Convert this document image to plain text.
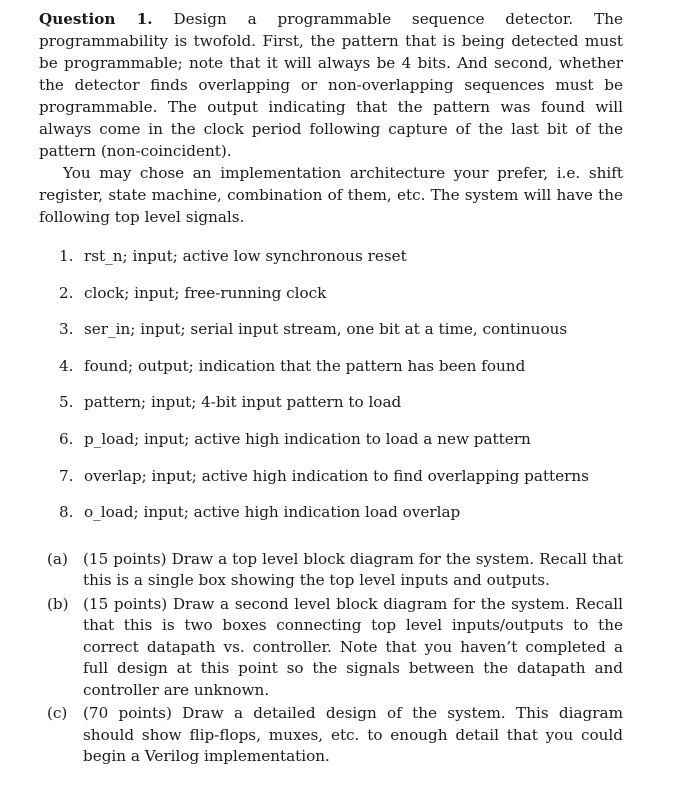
Question 1. Design a programmable sequence detector. The programmability is twofold. First, the pattern that is being detected must be programmable; note that it will always be 4 bits. And second, whether the detector finds overlapping or non-overlapping sequences must be programmable. The output indicating that the pattern was found will always come in the clock period following capture of the last bit of the pattern (non-coincident).

You may chose an implementation architecture your prefer, i.e. shift register, state machine, combination of them, etc. The system will have the following top level signals.

1. rst_n; input; active low synchronous reset
2. clock; input; free-running clock
3. ser_in; input; serial input stream, one bit at a time, continuous
4. found; output; indication that the pattern has been found
5. pattern; input; 4-bit input pattern to load
6. p_load; input; active high indication to load a new pattern
7. overlap; input; active high indication to find overlapping patterns
8. o_load; input; active high indication load overlap
(a) (15 points) Draw a top level block diagram for the system. Recall that this is a single box showing the top level inputs and outputs.
(b) (15 points) Draw a second level block diagram for the system. Recall that this is two boxes connecting top level inputs/outputs to the correct datapath vs. controller. Note that you haven’t completed a full design at this point so the signals between the datapath and controller are unknown.
(c) (70 points) Draw a detailed design of the system. This diagram should show flip-flops, muxes, etc. to enough detail that you could begin a Verilog implementation.
